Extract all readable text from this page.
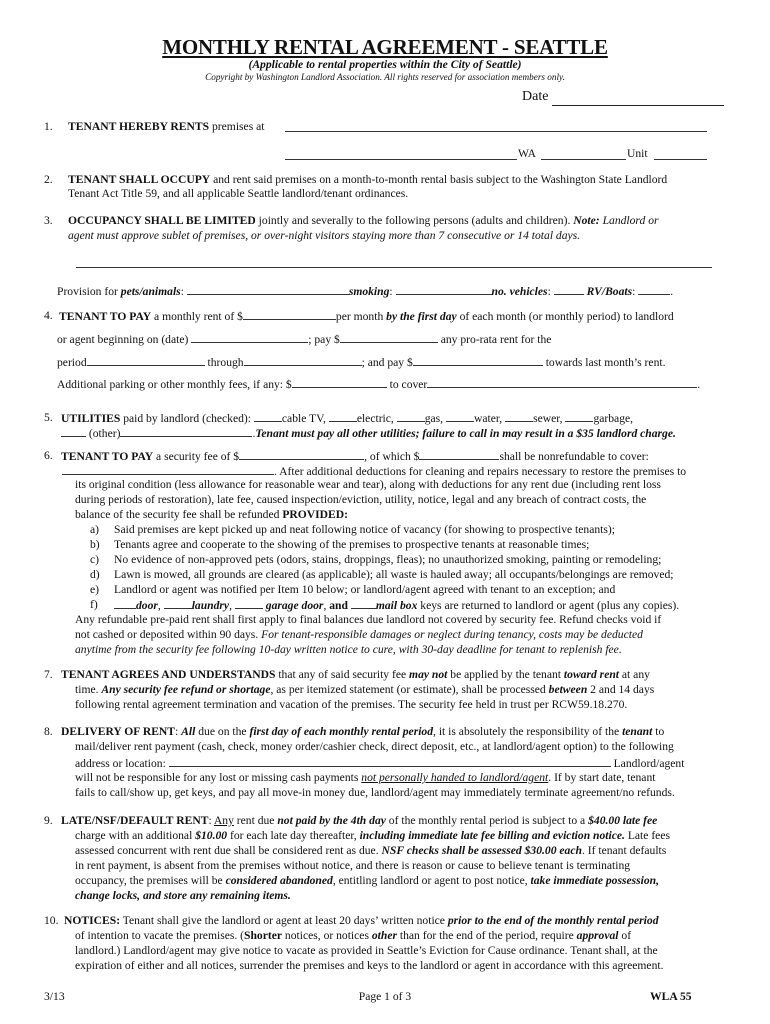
MONTHLY RENTAL AGREEMENT - SEATTLE
(Applicable to rental properties within the City of Seattle)
Copyright by Washington Landlord Association. All rights reserved for association members only.
Date
1. TENANT HEREBY RENTS premises at
WA	Unit
2. TENANT SHALL OCCUPY and rent said premises on a month-to-month rental basis subject to the Washington State Landlord
Tenant Act Title 59, and all applicable Seattle landlord/tenant ordinances.
3. OCCUPANCY SHALL BE LIMITED jointly and severally to the following persons (adults and children). Note: Landlord or
agent must approve sublet of premises, or over-night visitors staying more than 7 consecutive or 14 total days.
Provision for pets/animals:	smoking:	no. vehicles:	RV/Boats:	.
4. TENANT TO PAY a monthly rent of $	per month by the first day of each month (or monthly period) to landlord
or agent beginning on (date)	; pay $	any pro-rata rent for the
period	through	; and pay $	towards last month’s rent.
Additional parking or other monthly fees, if any: $	to cover	.
5. UTILITIES paid by landlord (checked): cable TV, electric, gas, water, sewer, garbage,
(other)	.Tenant must pay all other utilities; failure to call in may result in a $35 landlord charge.
6. TENANT TO PAY a security fee of $	, of which $	shall be nonrefundable to cover:
. After additional deductions for cleaning and repairs necessary to restore the premises to
its original condition (less allowance for reasonable wear and tear), along with deductions for any rent due (including rent loss
during periods of restoration), late fee, caused inspection/eviction, utility, notice, legal and any breach of contract costs, the
balance of the security fee shall be refunded PROVIDED:
a) Said premises are kept picked up and neat following notice of vacancy (for showing to prospective tenants);
b) Tenants agree and cooperate to the showing of the premises to prospective tenants at reasonable times;
c) No evidence of non-approved pets (odors, stains, droppings, fleas); no unauthorized smoking, painting or remodeling;
d) Lawn is mowed, all grounds are cleared (as applicable); all waste is hauled away; all occupants/belongings are removed;
e) Landlord or agent was notified per Item 10 below; or landlord/agent agreed with tenant to an exception; and
f)	door, laundry,	garage door, and mail box keys are returned to landlord or agent (plus any copies).
Any refundable pre-paid rent shall first apply to final balances due landlord not covered by security fee. Refund checks void if
not cashed or deposited within 90 days. For tenant-responsible damages or neglect during tenancy, costs may be deducted
anytime from the security fee following 10-day written notice to cure, with 30-day deadline for tenant to replenish fee.
7. TENANT AGREES AND UNDERSTANDS that any of said security fee may not be applied by the tenant toward rent at any
time. Any security fee refund or shortage, as per itemized statement (or estimate), shall be processed between 2 and 14 days
following rental agreement termination and vacation of the premises. The security fee held in trust per RCW59.18.270.
8. DELIVERY OF RENT: All due on the first day of each monthly rental period, it is absolutely the responsibility of the tenant to
mail/deliver rent payment (cash, check, money order/cashier check, direct deposit, etc., at landlord/agent option) to the following
address or location:	Landlord/agent
will not be responsible for any lost or missing cash payments not personally handed to landlord/agent. If by start date, tenant
fails to call/show up, get keys, and pay all move-in money due, landlord/agent may immediately terminate agreement/no refunds.
9. LATE/NSF/DEFAULT RENT: Any rent due not paid by the 4th day of the monthly rental period is subject to a $40.00 late fee
charge with an additional $10.00 for each late day thereafter, including immediate late fee billing and eviction notice. Late fees
assessed concurrent with rent due shall be considered rent as due. NSF checks shall be assessed $30.00 each. If tenant defaults
in rent payment, is absent from the premises without notice, and there is reason or cause to believe tenant is terminating
occupancy, the premises will be considered abandoned, entitling landlord or agent to post notice, take immediate possession,
change locks, and store any remaining items.
10. NOTICES: Tenant shall give the landlord or agent at least 20 days’ written notice prior to the end of the monthly rental period
of intention to vacate the premises. (Shorter notices, or notices other than for the end of the period, require approval of
landlord.) Landlord/agent may give notice to vacate as provided in Seattle’s Eviction for Cause ordinance. Tenant shall, at the
expiration of either and all notices, surrender the premises and keys to the landlord or agent in accordance with this agreement.
3/13	Page 1 of 3	WLA 55
